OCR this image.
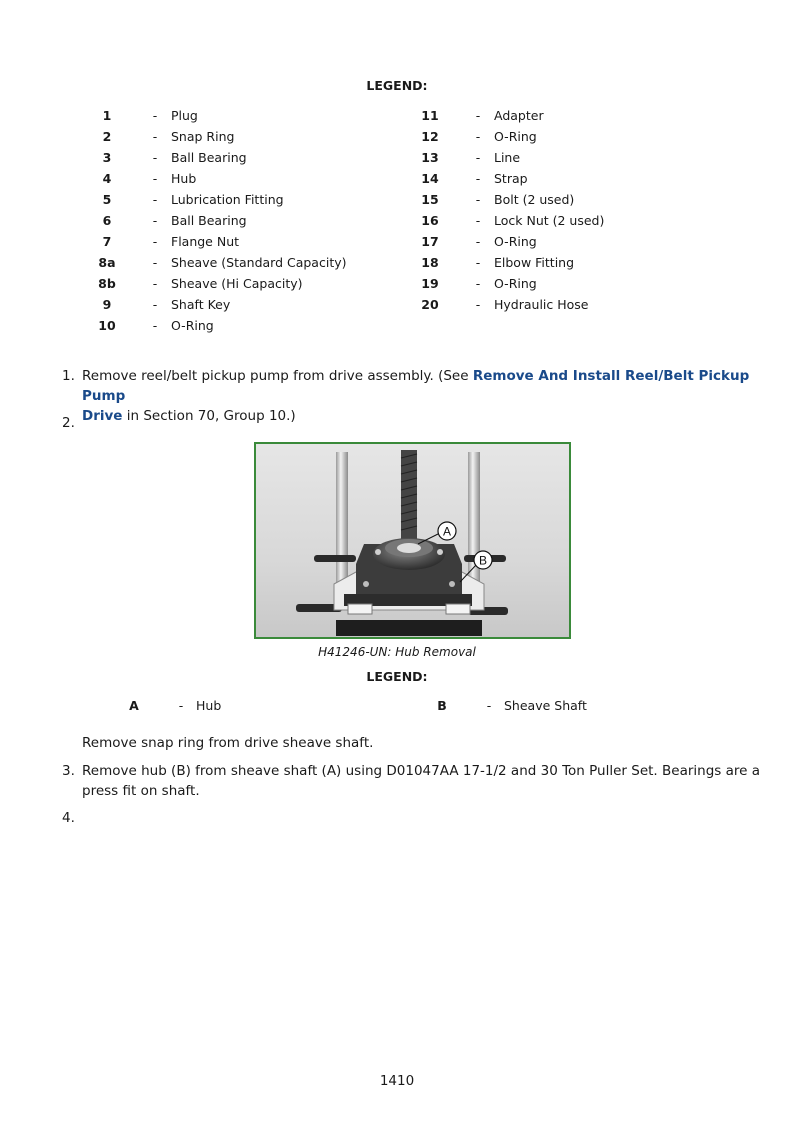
LEGEND:
1	- Plug
2	- Snap Ring
3	- Ball Bearing
4	- Hub
5	- Lubrication Fitting
6	- Ball Bearing
7	- Flange Nut
8a	- Sheave (Standard Capacity)
8b	- Sheave (Hi Capacity)
9	- Shaft Key
10	- O-Ring
11	- Adapter
12	- O-Ring
13	- Line
14	- Strap
15	- Bolt (2 used)
16	- Lock Nut (2 used)
17	- O-Ring
18	- Elbow Fitting
19	- O-Ring
20	- Hydraulic Hose
1. Remove reel/belt pickup pump from drive assembly. (See Remove And Install Reel/Belt Pickup Pump
Drive in Section 70, Group 10.)
2.
A
B
H41246-UN: Hub Removal
LEGEND:
A	- Hub	B	- Sheave Shaft
Remove snap ring from drive sheave shaft.
3. Remove hub (B) from sheave shaft (A) using D01047AA 17-1/2 and 30 Ton Puller Set. Bearings are a
press fit on shaft.
4.
1410
